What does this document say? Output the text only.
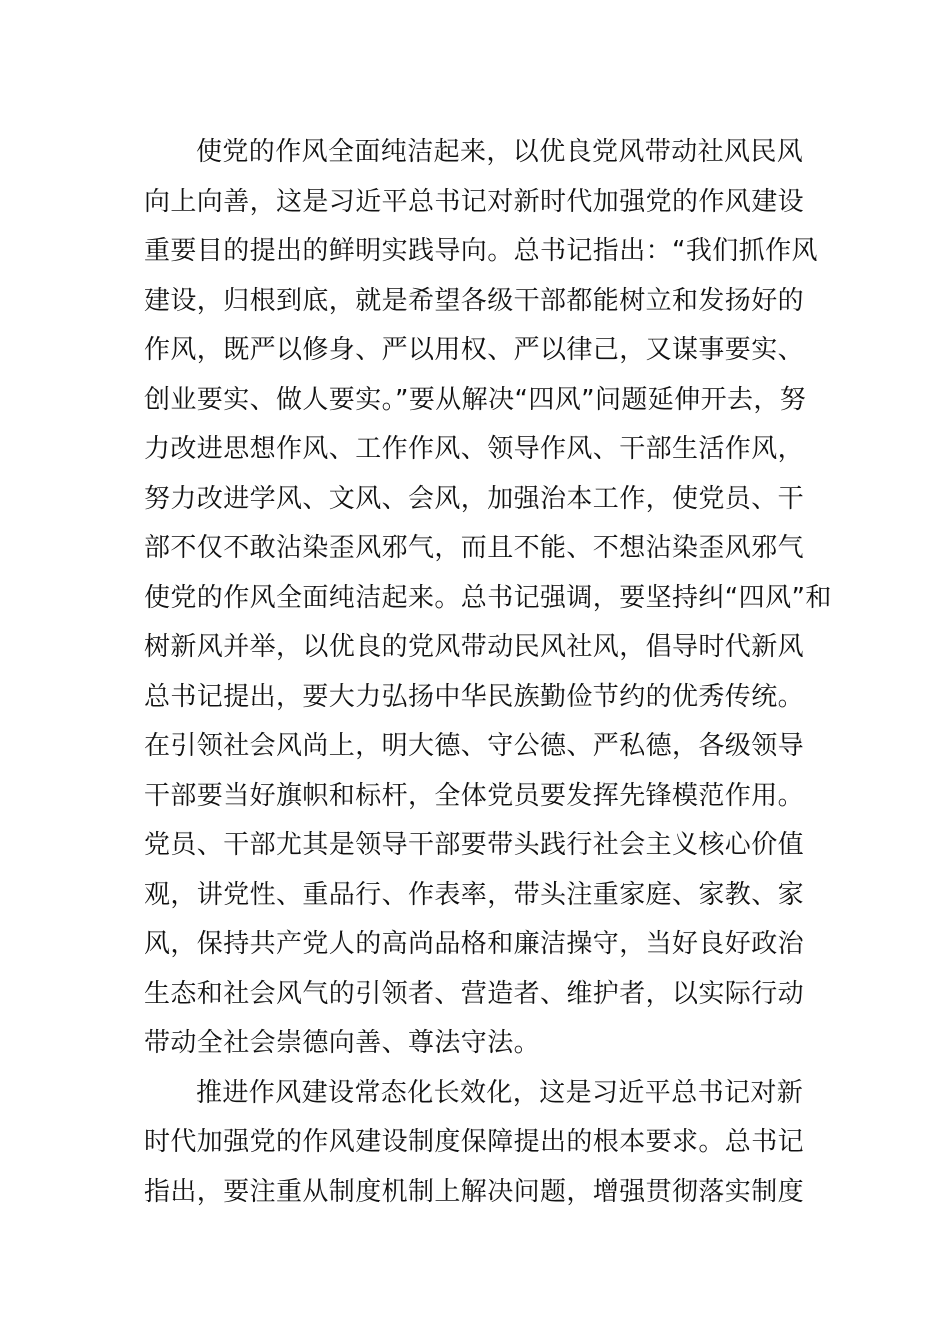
使党的作风全面纯洁起来，以优良党风带动社风民风
向上向善，这是习近平总书记对新时代加强党的作风建设
重要目的提出的鲜明实践导向。总书记指出：“我们抓作风
建设，归根到底，就是希望各级干部都能树立和发扬好的
作风，既严以修身、严以用权、严以律己，又谋事要实、
创业要实、做人要实。”要从解决“四风”问题延伸开去，努
力改进思想作风、工作作风、领导作风、干部生活作风，
努力改进学风、文风、会风，加强治本工作，使党员、干
部不仅不敢沾染歪风邪气，而且不能、不想沾染歪风邪气
使党的作风全面纯洁起来。总书记强调，要坚持纠“四风”和
树新风并举，以优良的党风带动民风社风，倡导时代新风
总书记提出，要大力弘扬中华民族勤俭节约的优秀传统。
在引领社会风尚上，明大德、守公德、严私德，各级领导
干部要当好旗帜和标杆，全体党员要发挥先锋模范作用。
党员、干部尤其是领导干部要带头践行社会主义核心价值
观，讲党性、重品行、作表率，带头注重家庭、家教、家
风，保持共产党人的高尚品格和廉洁操守，当好良好政治
生态和社会风气的引领者、营造者、维护者，以实际行动
带动全社会崇德向善、尊法守法。
推进作风建设常态化长效化，这是习近平总书记对新
时代加强党的作风建设制度保障提出的根本要求。总书记
指出，要注重从制度机制上解决问题，增强贯彻落实制度
